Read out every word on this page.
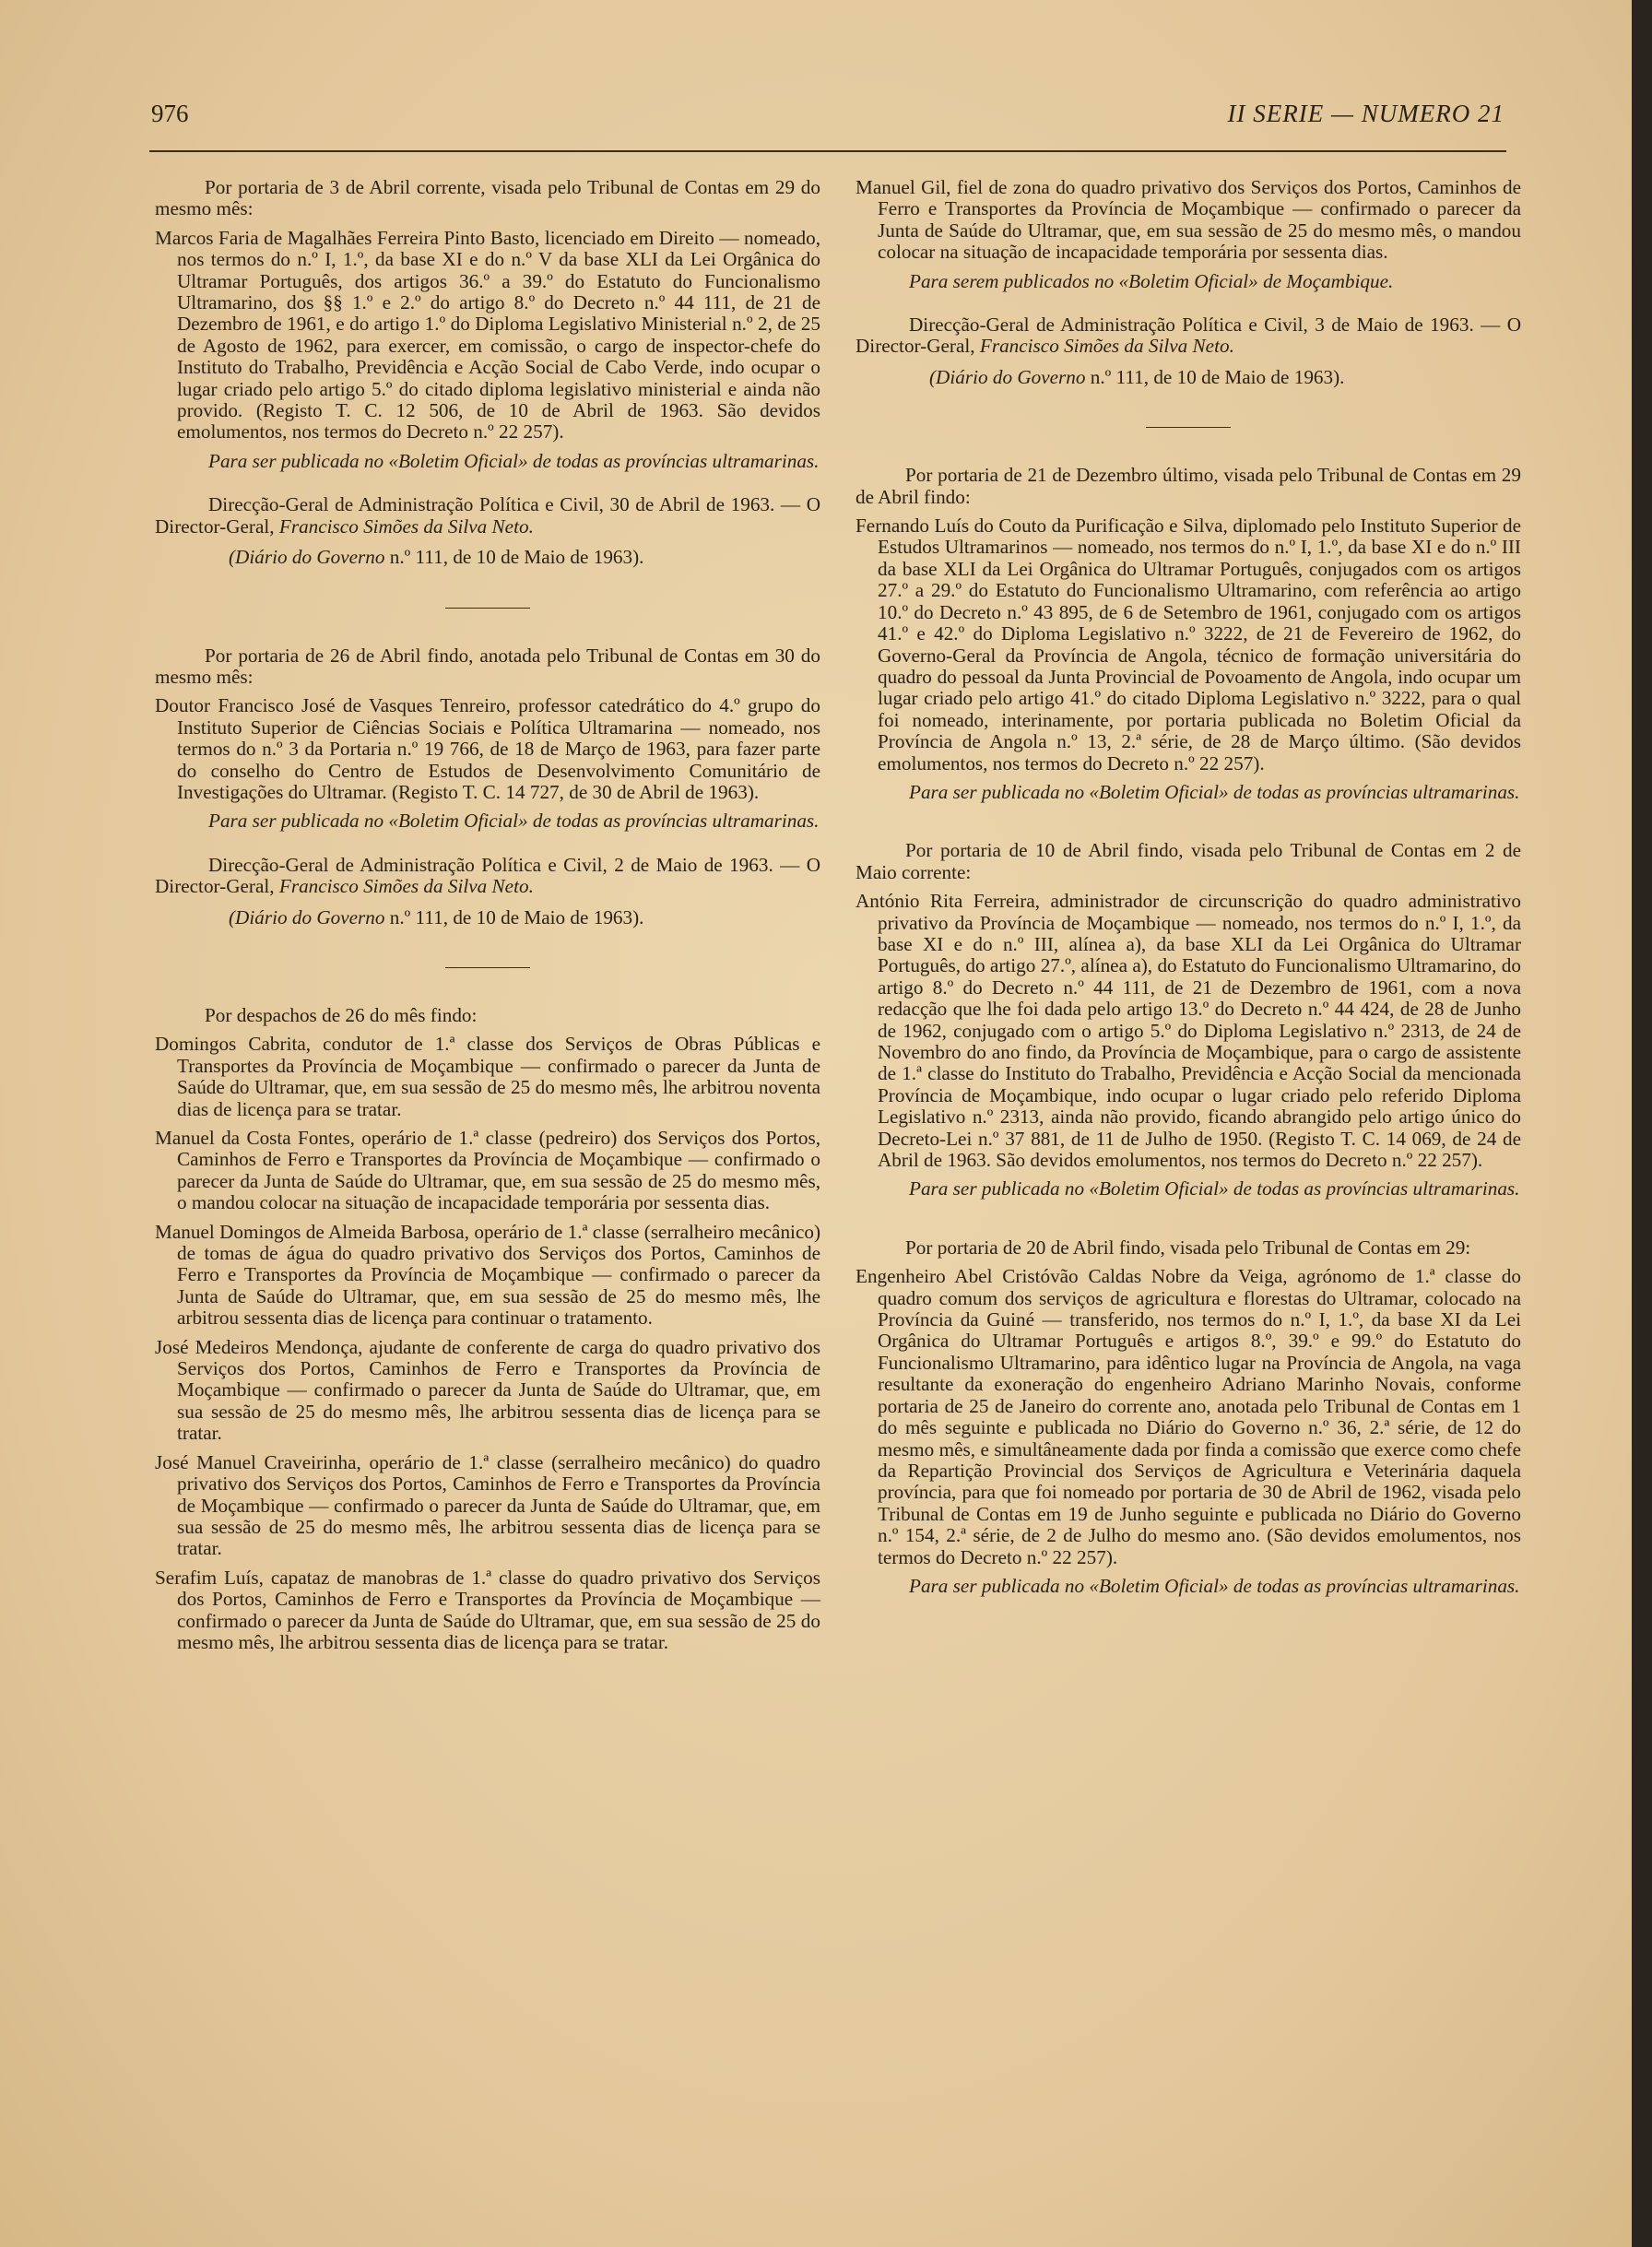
976	II SERIE — NUMERO 21

Por portaria de 3 de Abril corrente, visada pelo Tribunal de Contas em 29 do mesmo mês:

Marcos Faria de Magalhães Ferreira Pinto Basto, licenciado em Direito — nomeado, nos termos do n.º I, 1.º, da base XI e do n.º V da base XLI da Lei Orgânica do Ultramar Português, dos artigos 36.º a 39.º do Estatuto do Funcionalismo Ultramarino, dos §§ 1.º e 2.º do artigo 8.º do Decreto n.º 44 111, de 21 de Dezembro de 1961, e do artigo 1.º do Diploma Legislativo Ministerial n.º 2, de 25 de Agosto de 1962, para exercer, em comissão, o cargo de inspector-chefe do Instituto do Trabalho, Previdência e Acção Social de Cabo Verde, indo ocupar o lugar criado pelo artigo 5.º do citado diploma legislativo ministerial e ainda não provido. (Registo T. C. 12 506, de 10 de Abril de 1963. São devidos emolumentos, nos termos do Decreto n.º 22 257).

Para ser publicada no «Boletim Oficial» de todas as províncias ultramarinas.

Direcção-Geral de Administração Política e Civil, 30 de Abril de 1963. — O Director-Geral, Francisco Simões da Silva Neto.

(Diário do Governo n.º 111, de 10 de Maio de 1963).

Por portaria de 26 de Abril findo, anotada pelo Tribunal de Contas em 30 do mesmo mês:

Doutor Francisco José de Vasques Tenreiro, professor catedrático do 4.º grupo do Instituto Superior de Ciências Sociais e Política Ultramarina — nomeado, nos termos do n.º 3 da Portaria n.º 19 766, de 18 de Março de 1963, para fazer parte do conselho do Centro de Estudos de Desenvolvimento Comunitário de Investigações do Ultramar. (Registo T. C. 14 727, de 30 de Abril de 1963).

Para ser publicada no «Boletim Oficial» de todas as províncias ultramarinas.

Direcção-Geral de Administração Política e Civil, 2 de Maio de 1963. — O Director-Geral, Francisco Simões da Silva Neto.

(Diário do Governo n.º 111, de 10 de Maio de 1963).

Por despachos de 26 do mês findo:

Domingos Cabrita, condutor de 1.ª classe dos Serviços de Obras Públicas e Transportes da Província de Moçambique — confirmado o parecer da Junta de Saúde do Ultramar, que, em sua sessão de 25 do mesmo mês, lhe arbitrou noventa dias de licença para se tratar.

Manuel da Costa Fontes, operário de 1.ª classe (pedreiro) dos Serviços dos Portos, Caminhos de Ferro e Transportes da Província de Moçambique — confirmado o parecer da Junta de Saúde do Ultramar, que, em sua sessão de 25 do mesmo mês, o mandou colocar na situação de incapacidade temporária por sessenta dias.

Manuel Domingos de Almeida Barbosa, operário de 1.ª classe (serralheiro mecânico) de tomas de água do quadro privativo dos Serviços dos Portos, Caminhos de Ferro e Transportes da Província de Moçambique — confirmado o parecer da Junta de Saúde do Ultramar, que, em sua sessão de 25 do mesmo mês, lhe arbitrou sessenta dias de licença para continuar o tratamento.

José Medeiros Mendonça, ajudante de conferente de carga do quadro privativo dos Serviços dos Portos, Caminhos de Ferro e Transportes da Província de Moçambique — confirmado o parecer da Junta de Saúde do Ultramar, que, em sua sessão de 25 do mesmo mês, lhe arbitrou sessenta dias de licença para se tratar.

José Manuel Craveirinha, operário de 1.ª classe (serralheiro mecânico) do quadro privativo dos Serviços dos Portos, Caminhos de Ferro e Transportes da Província de Moçambique — confirmado o parecer da Junta de Saúde do Ultramar, que, em sua sessão de 25 do mesmo mês, lhe arbitrou sessenta dias de licença para se tratar.

Serafim Luís, capataz de manobras de 1.ª classe do quadro privativo dos Serviços dos Portos, Caminhos de Ferro e Transportes da Província de Moçambique — confirmado o parecer da Junta de Saúde do Ultramar, que, em sua sessão de 25 do mesmo mês, lhe arbitrou sessenta dias de licença para se tratar.

Manuel Gil, fiel de zona do quadro privativo dos Serviços dos Portos, Caminhos de Ferro e Transportes da Província de Moçambique — confirmado o parecer da Junta de Saúde do Ultramar, que, em sua sessão de 25 do mesmo mês, o mandou colocar na situação de incapacidade temporária por sessenta dias.

Para serem publicados no «Boletim Oficial» de Moçambique.

Direcção-Geral de Administração Política e Civil, 3 de Maio de 1963. — O Director-Geral, Francisco Simões da Silva Neto.

(Diário do Governo n.º 111, de 10 de Maio de 1963).

Por portaria de 21 de Dezembro último, visada pelo Tribunal de Contas em 29 de Abril findo:

Fernando Luís do Couto da Purificação e Silva, diplomado pelo Instituto Superior de Estudos Ultramarinos — nomeado, nos termos do n.º I, 1.º, da base XI e do n.º III da base XLI da Lei Orgânica do Ultramar Português, conjugados com os artigos 27.º a 29.º do Estatuto do Funcionalismo Ultramarino, com referência ao artigo 10.º do Decreto n.º 43 895, de 6 de Setembro de 1961, conjugado com os artigos 41.º e 42.º do Diploma Legislativo n.º 3222, de 21 de Fevereiro de 1962, do Governo-Geral da Província de Angola, técnico de formação universitária do quadro do pessoal da Junta Provincial de Povoamento de Angola, indo ocupar um lugar criado pelo artigo 41.º do citado Diploma Legislativo n.º 3222, para o qual foi nomeado, interinamente, por portaria publicada no Boletim Oficial da Província de Angola n.º 13, 2.ª série, de 28 de Março último. (São devidos emolumentos, nos termos do Decreto n.º 22 257).

Para ser publicada no «Boletim Oficial» de todas as províncias ultramarinas.

Por portaria de 10 de Abril findo, visada pelo Tribunal de Contas em 2 de Maio corrente:

António Rita Ferreira, administrador de circunscrição do quadro administrativo privativo da Província de Moçambique — nomeado, nos termos do n.º I, 1.º, da base XI e do n.º III, alínea a), da base XLI da Lei Orgânica do Ultramar Português, do artigo 27.º, alínea a), do Estatuto do Funcionalismo Ultramarino, do artigo 8.º do Decreto n.º 44 111, de 21 de Dezembro de 1961, com a nova redacção que lhe foi dada pelo artigo 13.º do Decreto n.º 44 424, de 28 de Junho de 1962, conjugado com o artigo 5.º do Diploma Legislativo n.º 2313, de 24 de Novembro do ano findo, da Província de Moçambique, para o cargo de assistente de 1.ª classe do Instituto do Trabalho, Previdência e Acção Social da mencionada Província de Moçambique, indo ocupar o lugar criado pelo referido Diploma Legislativo n.º 2313, ainda não provido, ficando abrangido pelo artigo único do Decreto-Lei n.º 37 881, de 11 de Julho de 1950. (Registo T. C. 14 069, de 24 de Abril de 1963. São devidos emolumentos, nos termos do Decreto n.º 22 257).

Para ser publicada no «Boletim Oficial» de todas as províncias ultramarinas.

Por portaria de 20 de Abril findo, visada pelo Tribunal de Contas em 29:

Engenheiro Abel Cristóvão Caldas Nobre da Veiga, agrónomo de 1.ª classe do quadro comum dos serviços de agricultura e florestas do Ultramar, colocado na Província da Guiné — transferido, nos termos do n.º I, 1.º, da base XI da Lei Orgânica do Ultramar Português e artigos 8.º, 39.º e 99.º do Estatuto do Funcionalismo Ultramarino, para idêntico lugar na Província de Angola, na vaga resultante da exoneração do engenheiro Adriano Marinho Novais, conforme portaria de 25 de Janeiro do corrente ano, anotada pelo Tribunal de Contas em 1 do mês seguinte e publicada no Diário do Governo n.º 36, 2.ª série, de 12 do mesmo mês, e simultâneamente dada por finda a comissão que exerce como chefe da Repartição Provincial dos Serviços de Agricultura e Veterinária daquela província, para que foi nomeado por portaria de 30 de Abril de 1962, visada pelo Tribunal de Contas em 19 de Junho seguinte e publicada no Diário do Governo n.º 154, 2.ª série, de 2 de Julho do mesmo ano. (São devidos emolumentos, nos termos do Decreto n.º 22 257).

Para ser publicada no «Boletim Oficial» de todas as províncias ultramarinas.
